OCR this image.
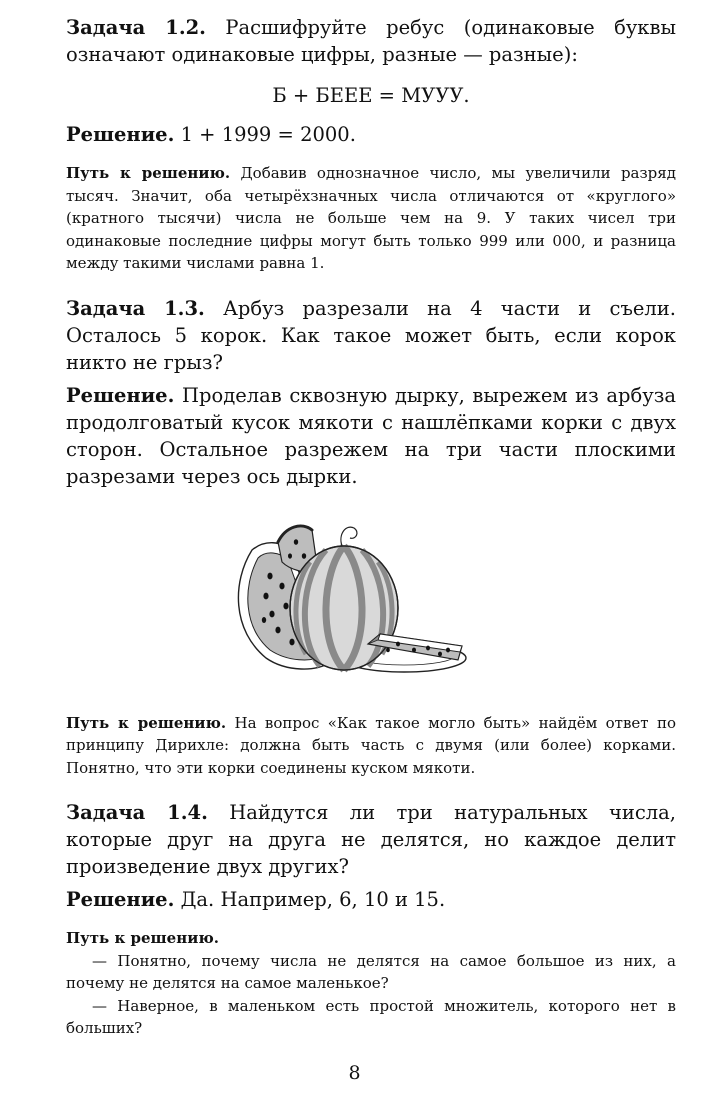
Задача 1.2. Расшифруйте ребус (одинаковые буквы означают одинаковые цифры, разные — разные):

Б + БЕЕЕ = МУУУ.

Решение. 1 + 1999 = 2000.

Путь к решению. Добавив однозначное число, мы увеличили разряд тысяч. Значит, оба четырёхзначных числа отличаются от «круглого» (кратного тысячи) числа не больше чем на 9. У таких чисел три одинаковые последние цифры могут быть только 999 или 000, и разница между такими числами равна 1.

Задача 1.3. Арбуз разрезали на 4 части и съели. Осталось 5 корок. Как такое может быть, если корок никто не грыз?

Решение. Проделав сквозную дырку, вырежем из арбуза продолговатый кусок мякоти с нашлёпками корки с двух сторон. Остальное разрежем на три части плоскими разрезами через ось дырки.

Путь к решению. На вопрос «Как такое могло быть» найдём ответ по принципу Дирихле: должна быть часть с двумя (или более) корками. Понятно, что эти корки соединены куском мякоти.

Задача 1.4. Найдутся ли три натуральных числа, которые друг на друга не делятся, но каждое делит произведение двух других?

Решение. Да. Например, 6, 10 и 15.

Путь к решению.

— Понятно, почему числа не делятся на самое большое из них, а почему не делятся на самое маленькое?

— Наверное, в маленьком есть простой множитель, которого нет в больших?

8
